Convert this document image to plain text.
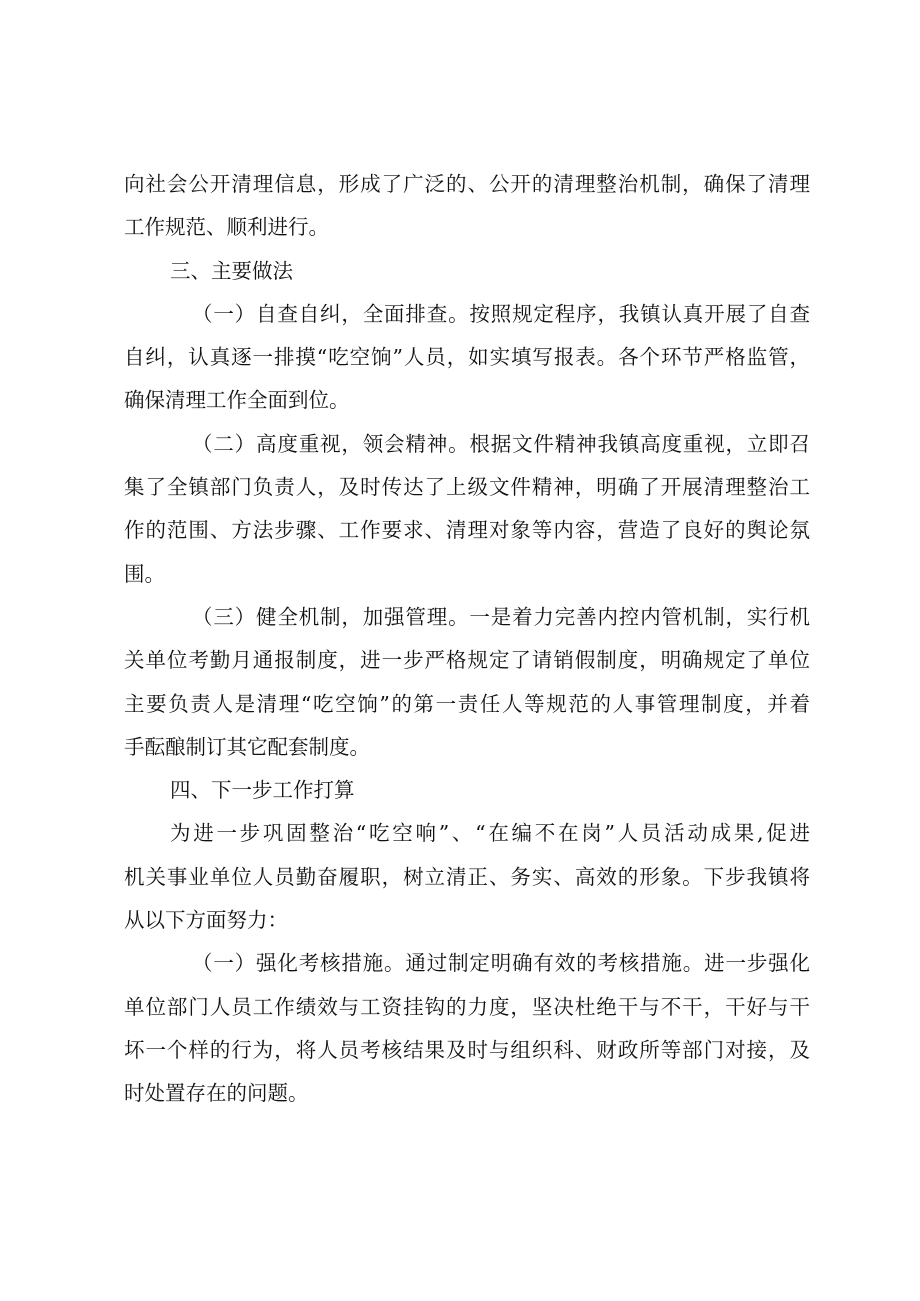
向社会公开清理信息，形成了广泛的、公开的清理整治机制，确保了清理
工作规范、顺利进行。
三、主要做法
（一）自查自纠，全面排查。按照规定程序，我镇认真开展了自查
自纠，认真逐一排摸“吃空饷”人员，如实填写报表。各个环节严格监管，
确保清理工作全面到位。
（二）高度重视，领会精神。根据文件精神我镇高度重视，立即召
集了全镇部门负责人，及时传达了上级文件精神，明确了开展清理整治工
作的范围、方法步骤、工作要求、清理对象等内容，营造了良好的舆论氛
围。
（三）健全机制，加强管理。一是着力完善内控内管机制，实行机
关单位考勤月通报制度，进一步严格规定了请销假制度，明确规定了单位
主要负责人是清理“吃空饷”的第一责任人等规范的人事管理制度，并着
手酝酿制订其它配套制度。
四、下一步工作打算
为进一步巩固整治“吃空响”、“在编不在岗”人员活动成果,促进
机关事业单位人员勤奋履职，树立清正、务实、高效的形象。下步我镇将
从以下方面努力：
（一）强化考核措施。通过制定明确有效的考核措施。进一步强化
单位部门人员工作绩效与工资挂钩的力度，坚决杜绝干与不干，干好与干
坏一个样的行为，将人员考核结果及时与组织科、财政所等部门对接，及
时处置存在的问题。
